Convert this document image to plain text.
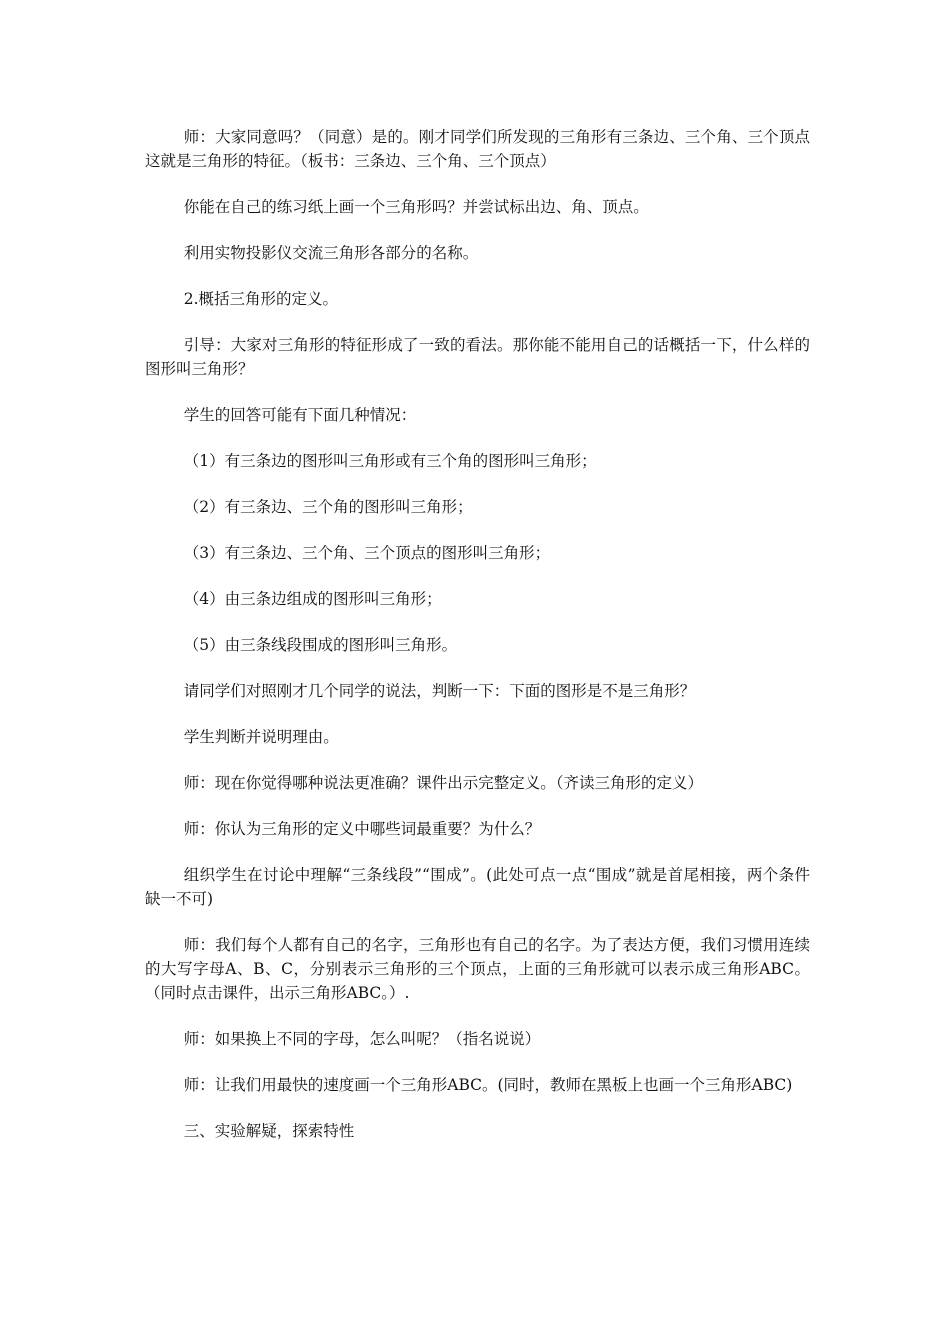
师：大家同意吗？（同意）是的。刚才同学们所发现的三角形有三条边、三个角、三个顶点这就是三角形的特征。（板书：三条边、三个角、三个顶点）

你能在自己的练习纸上画一个三角形吗？并尝试标出边、角、顶点。

利用实物投影仪交流三角形各部分的名称。

2.概括三角形的定义。

引导：大家对三角形的特征形成了一致的看法。那你能不能用自己的话概括一下，什么样的图形叫三角形？

学生的回答可能有下面几种情况：

（1）有三条边的图形叫三角形或有三个角的图形叫三角形；

（2）有三条边、三个角的图形叫三角形；

（3）有三条边、三个角、三个顶点的图形叫三角形；

（4）由三条边组成的图形叫三角形；

（5）由三条线段围成的图形叫三角形。

请同学们对照刚才几个同学的说法，判断一下：下面的图形是不是三角形？

学生判断并说明理由。

师：现在你觉得哪种说法更准确？课件出示完整定义。（齐读三角形的定义）

师：你认为三角形的定义中哪些词最重要？为什么？

组织学生在讨论中理解“三条线段”“围成”。(此处可点一点“围成”就是首尾相接，两个条件缺一不可)

师：我们每个人都有自己的名字，三角形也有自己的名字。为了表达方便，我们习惯用连续的大写字母A、B、C，分别表示三角形的三个顶点，上面的三角形就可以表示成三角形ABC。（同时点击课件，出示三角形ABC。）.

师：如果换上不同的字母，怎么叫呢？（指名说说）

师：让我们用最快的速度画一个三角形ABC。(同时，教师在黑板上也画一个三角形ABC)

三、实验解疑，探索特性
